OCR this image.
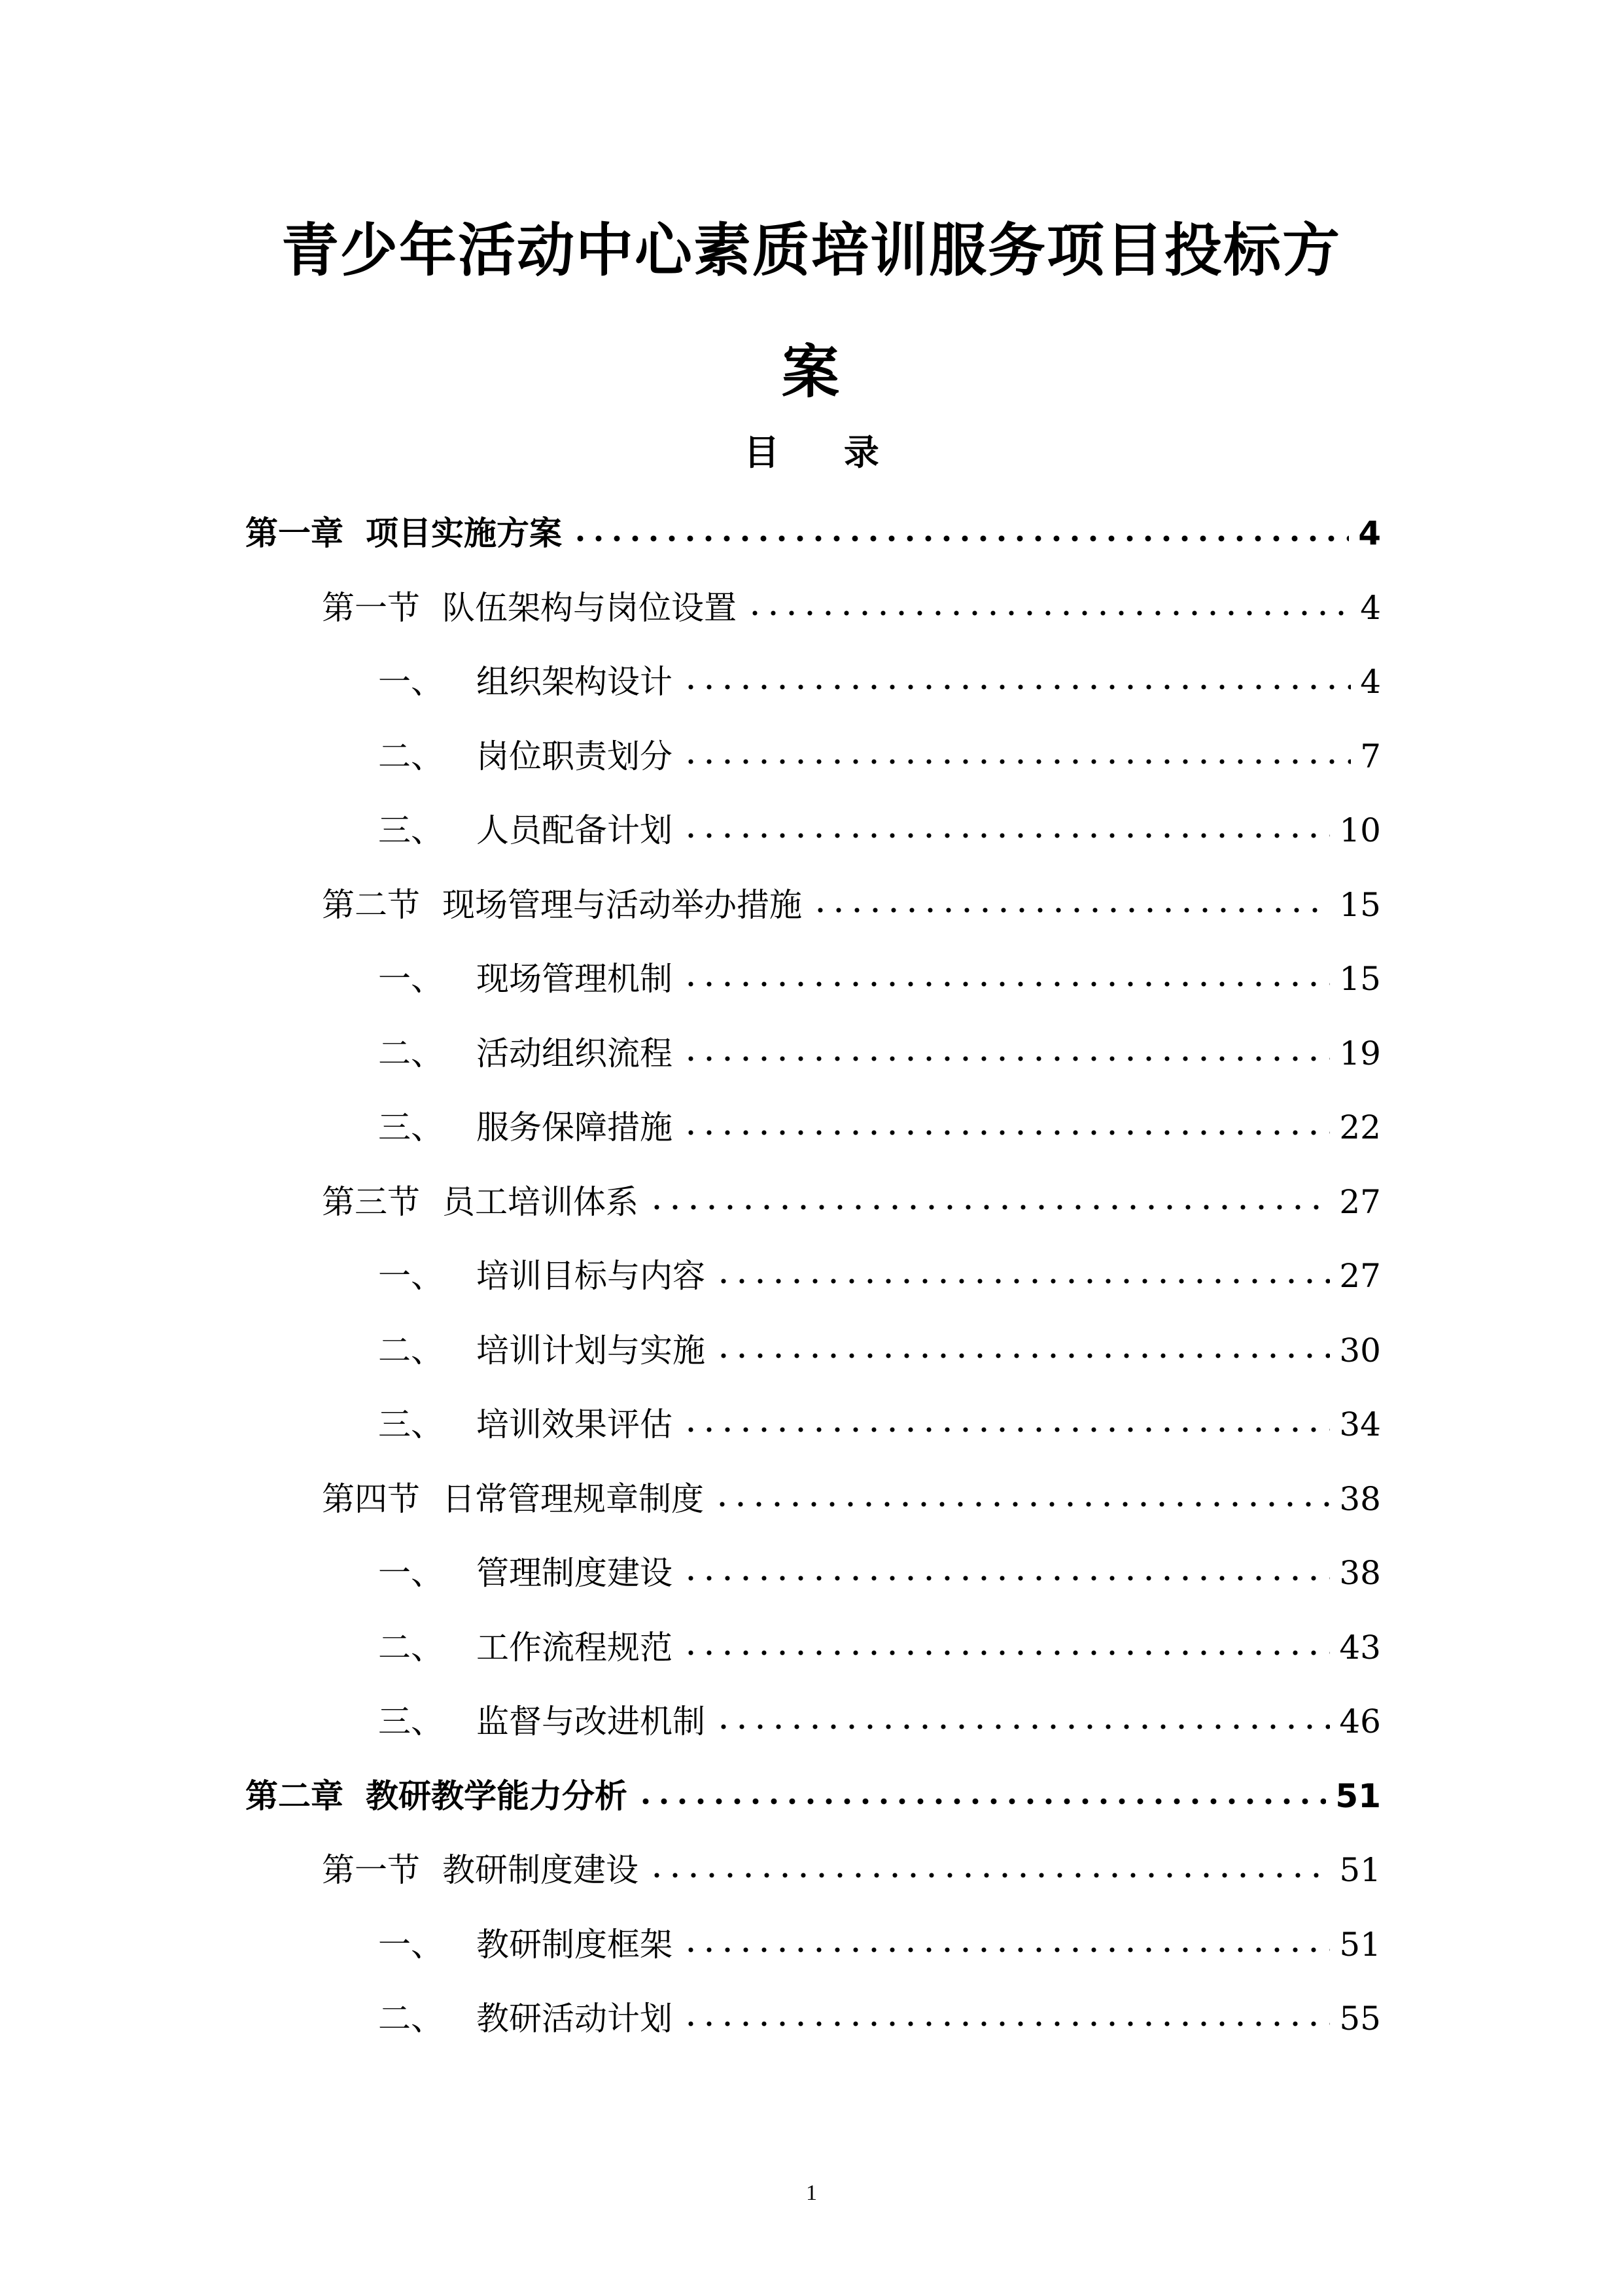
青少年活动中心素质培训服务项目投标方
案
目 录
第一章 项目实施方案	4
第一节 队伍架构与岗位设置	4
一、	组织架构设计	4
二、	岗位职责划分	7
三、	人员配备计划	10
第二节 现场管理与活动举办措施	15
一、	现场管理机制	15
二、	活动组织流程	19
三、	服务保障措施	22
第三节 员工培训体系	27
一、	培训目标与内容	27
二、	培训计划与实施	30
三、	培训效果评估	34
第四节 日常管理规章制度	38
一、	管理制度建设	38
二、	工作流程规范	43
三、	监督与改进机制	46
第二章 教研教学能力分析	51
第一节 教研制度建设	51
一、	教研制度框架	51
二、	教研活动计划	55
1
